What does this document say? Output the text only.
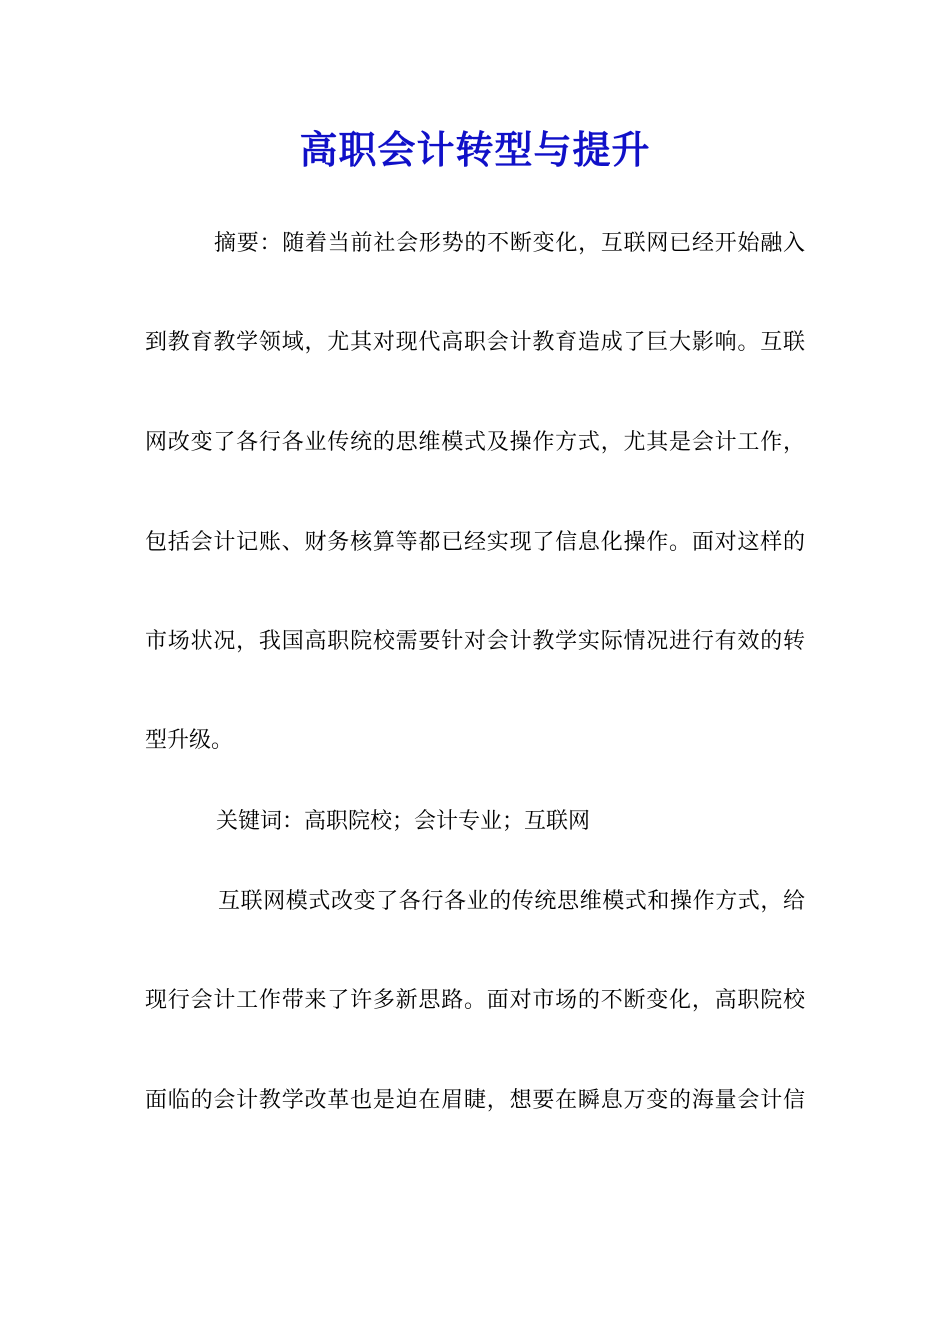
高职会计转型与提升
摘要：随着当前社会形势的不断变化，互联网已经开始融入
到教育教学领域，尤其对现代高职会计教育造成了巨大影响。互联
网改变了各行各业传统的思维模式及操作方式，尤其是会计工作，
包括会计记账、财务核算等都已经实现了信息化操作。面对这样的
市场状况，我国高职院校需要针对会计教学实际情况进行有效的转
型升级。
关键词：高职院校；会计专业；互联网
互联网模式改变了各行各业的传统思维模式和操作方式，给
现行会计工作带来了许多新思路。面对市场的不断变化，高职院校
面临的会计教学改革也是迫在眉睫，想要在瞬息万变的海量会计信
